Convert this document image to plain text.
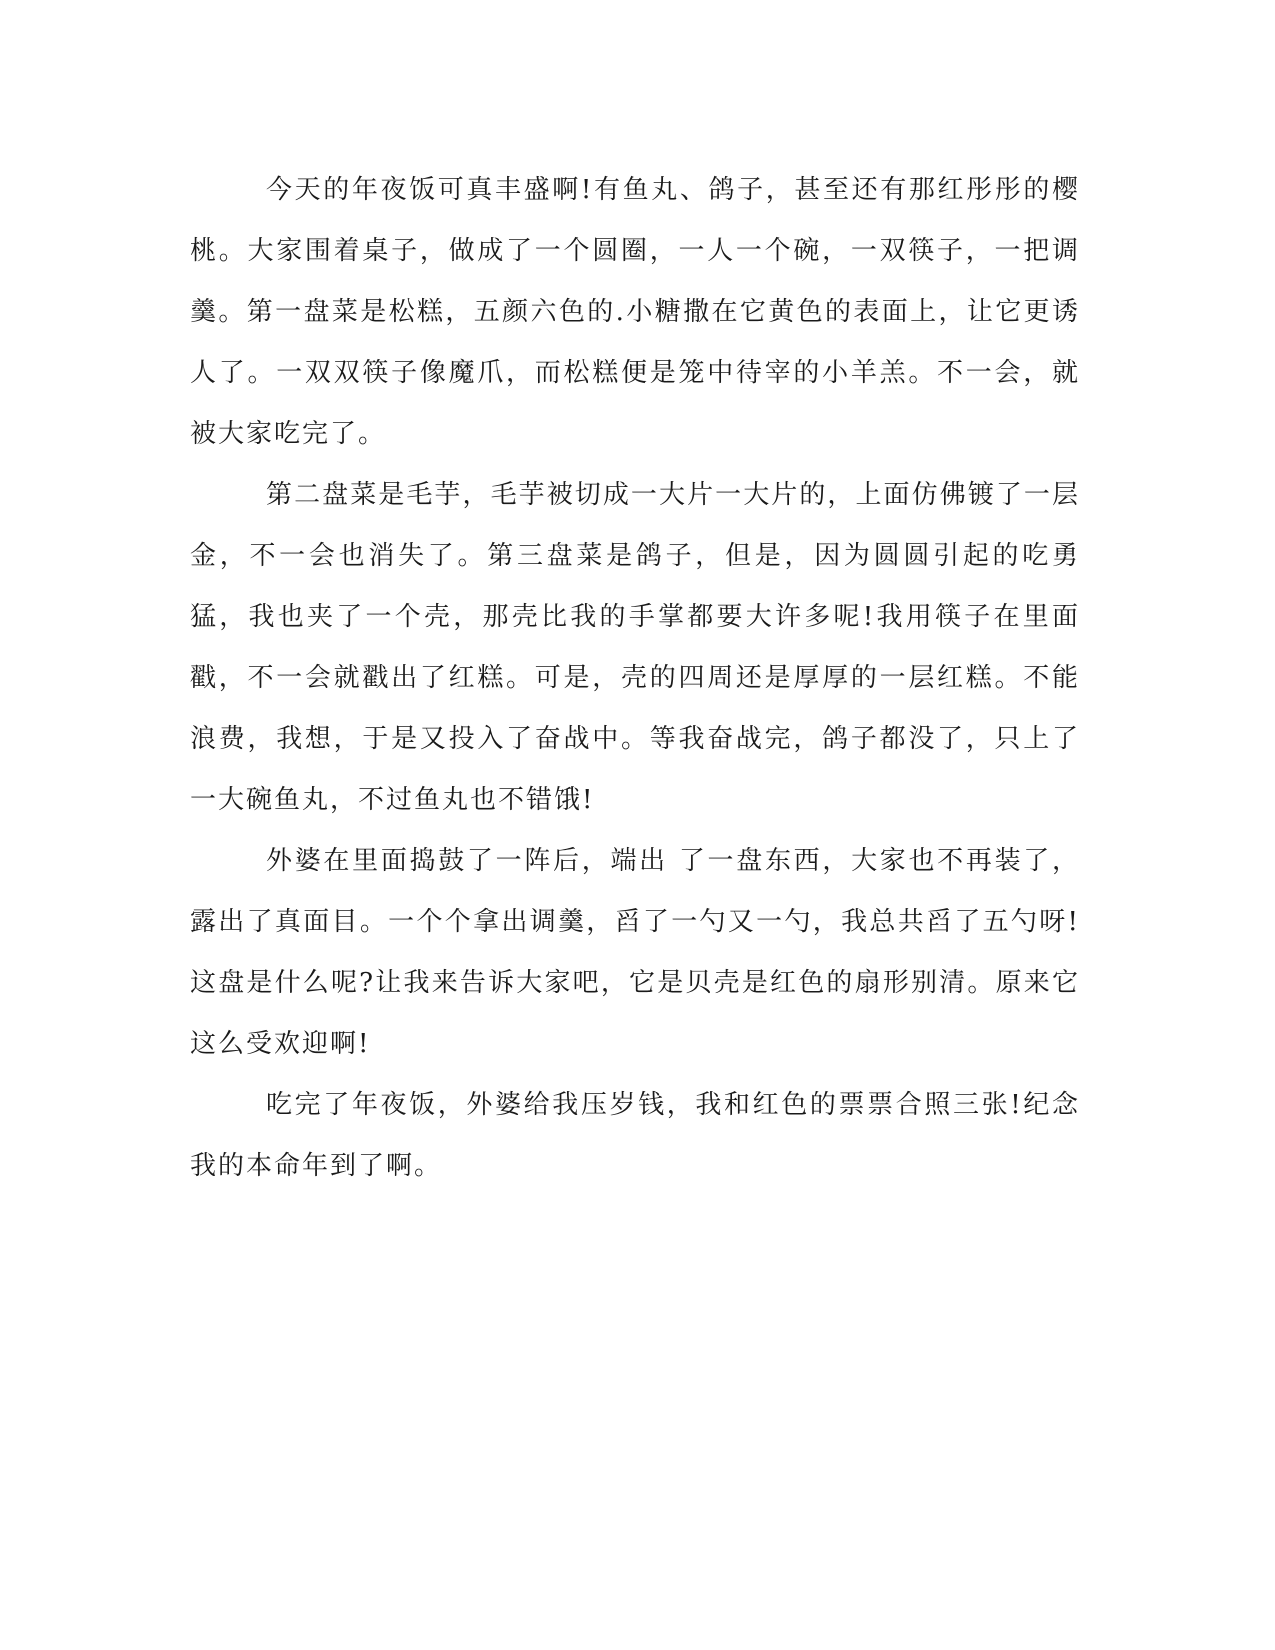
今天的年夜饭可真丰盛啊!有鱼丸、鸽子，甚至还有那红彤彤的樱桃。大家围着桌子，做成了一个圆圈，一人一个碗，一双筷子，一把调羹。第一盘菜是松糕，五颜六色的.小糖撒在它黄色的表面上，让它更诱人了。一双双筷子像魔爪，而松糕便是笼中待宰的小羊羔。不一会，就被大家吃完了。

第二盘菜是毛芋，毛芋被切成一大片一大片的，上面仿佛镀了一层金，不一会也消失了。第三盘菜是鸽子，但是，因为圆圆引起的吃勇猛，我也夹了一个壳，那壳比我的手掌都要大许多呢!我用筷子在里面戳，不一会就戳出了红糕。可是，壳的四周还是厚厚的一层红糕。不能浪费，我想，于是又投入了奋战中。等我奋战完，鸽子都没了，只上了一大碗鱼丸，不过鱼丸也不错饿!

外婆在里面捣鼓了一阵后，端出 了一盘东西，大家也不再装了，露出了真面目。一个个拿出调羹，舀了一勺又一勺，我总共舀了五勺呀!这盘是什么呢?让我来告诉大家吧，它是贝壳是红色的扇形别清。原来它这么受欢迎啊!

吃完了年夜饭，外婆给我压岁钱，我和红色的票票合照三张!纪念我的本命年到了啊。
